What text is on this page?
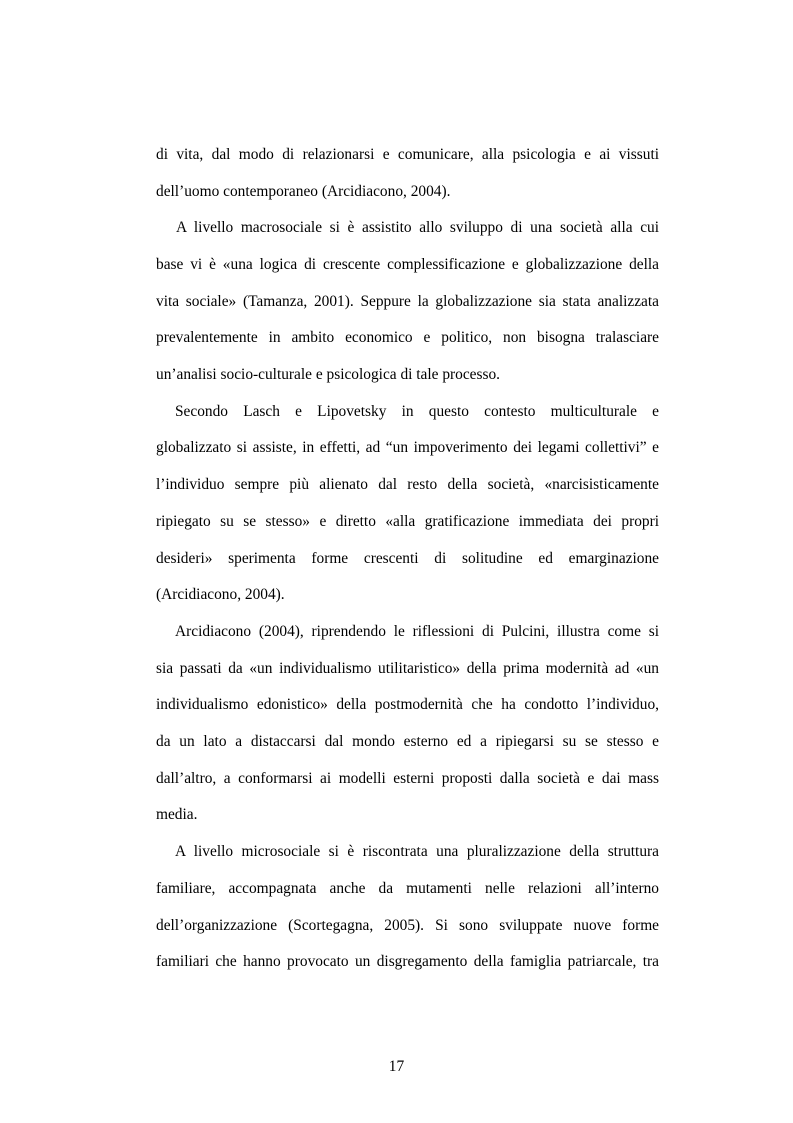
di vita, dal modo di relazionarsi e comunicare, alla psicologia e ai vissuti
dell’uomo contemporaneo (Arcidiacono, 2004).
A livello macrosociale si è assistito allo sviluppo di una società alla cui
base vi è «una logica di crescente complessificazione e globalizzazione della
vita sociale» (Tamanza, 2001). Seppure la globalizzazione sia stata analizzata
prevalentemente in ambito economico e politico, non bisogna tralasciare
un’analisi socio-culturale e psicologica di tale processo.
Secondo Lasch e Lipovetsky in questo contesto multiculturale e
globalizzato si assiste, in effetti, ad “un impoverimento dei legami collettivi” e
l’individuo sempre più alienato dal resto della società, «narcisisticamente
ripiegato su se stesso» e diretto «alla gratificazione immediata dei propri
desideri» sperimenta forme crescenti di solitudine ed emarginazione
(Arcidiacono, 2004).
Arcidiacono (2004), riprendendo le riflessioni di Pulcini, illustra come si
sia passati da «un individualismo utilitaristico» della prima modernità ad «un
individualismo edonistico» della postmodernità che ha condotto l’individuo,
da un lato a distaccarsi dal mondo esterno ed a ripiegarsi su se stesso e
dall’altro, a conformarsi ai modelli esterni proposti dalla società e dai mass
media.
A livello microsociale si è riscontrata una pluralizzazione della struttura
familiare, accompagnata anche da mutamenti nelle relazioni all’interno
dell’organizzazione (Scortegagna, 2005). Si sono sviluppate nuove forme
familiari che hanno provocato un disgregamento della famiglia patriarcale, tra
17
